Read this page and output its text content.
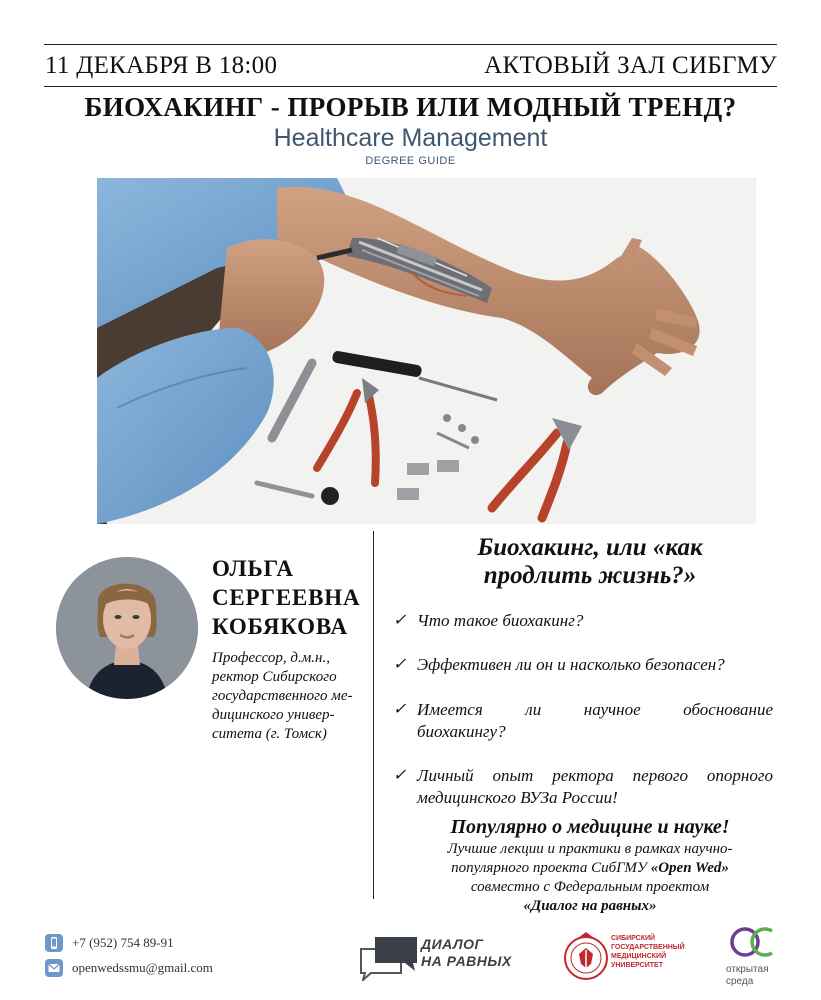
11 ДЕКАБРЯ В 18:00	АКТОВЫЙ ЗАЛ СИБГМУ
БИОХАКИНГ - ПРОРЫВ ИЛИ МОДНЫЙ ТРЕНД?
Healthcare Management
DEGREE GUIDE
ОЛЬГА
СЕРГЕЕВНА
КОБЯКОВА
Профессор, д.м.н.,
ректор Сибирского
государственного ме-
дицинского универ-
ситета (г. Томск)
Биохакинг, или «как
продлить жизнь?»
✓ Что такое биохакинг?
✓ Эффективен ли он и насколько безопасен?
✓ Имеется ли научное обоснование
биохакингу?
✓ Личный опыт ректора первого опорного
медицинского ВУЗа России!
Популярно о медицине и науке!
Лучшие лекции и практики в рамках научно-
популярного проекта СибГМУ «Open Wed»
совместно с Федеральным проектом
«Диалог на равных»
+7 (952) 754 89-91
openwedssmu@gmail.com
ДИАЛОГ
НА РАВНЫХ
СИБИРСКИЙ
ГОСУДАРСТВЕННЫЙ
МЕДИЦИНСКИЙ
УНИВЕРСИТЕТ	открытая
среда
